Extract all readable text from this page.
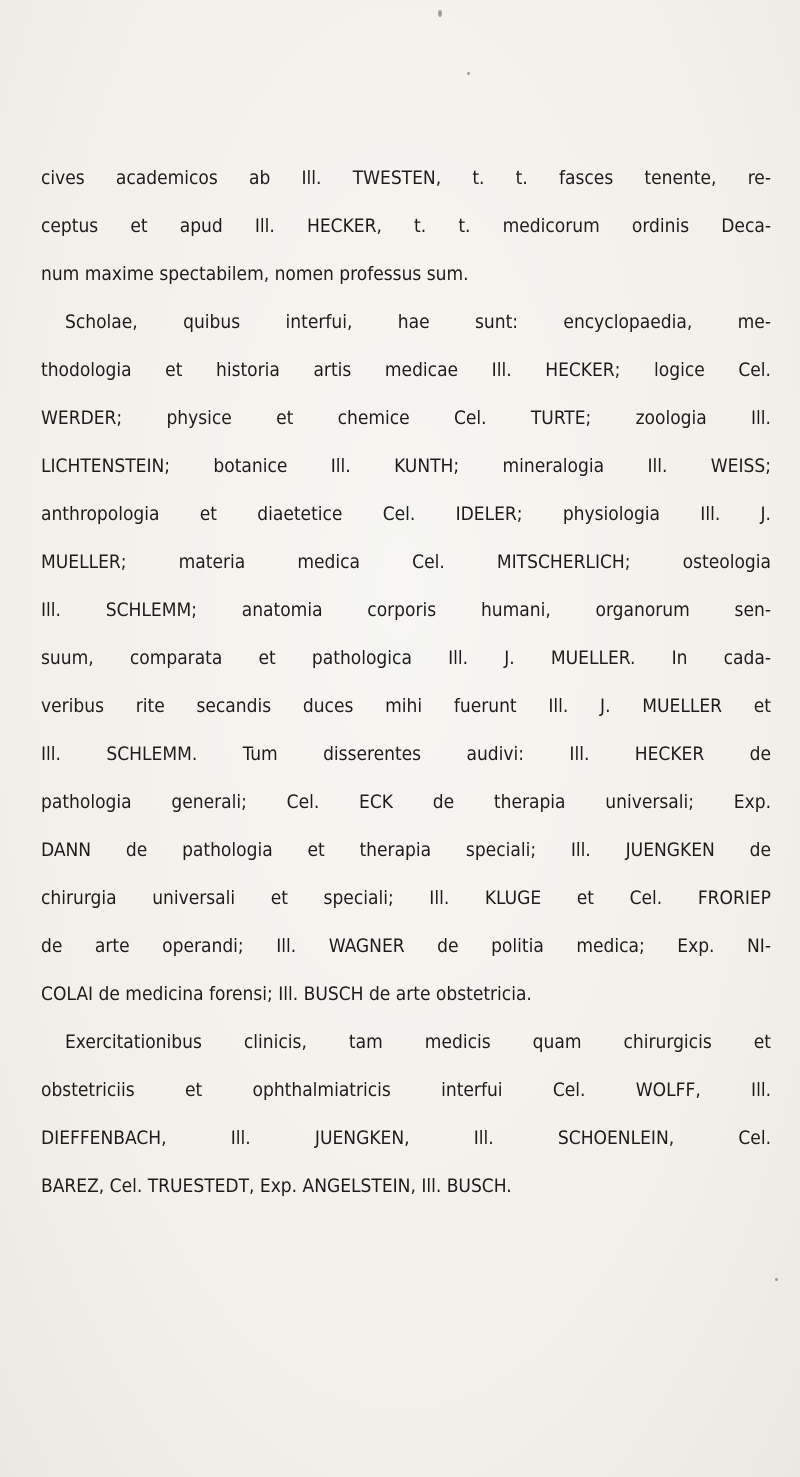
cives academicos ab Ill. TWESTEN, t. t. fasces tenente, re-
ceptus et apud Ill. HECKER, t. t. medicorum ordinis Deca-
num maxime spectabilem, nomen professus sum.
Scholae, quibus interfui, hae sunt: encyclopaedia, me-
thodologia et historia artis medicae Ill. HECKER; logice Cel.
WERDER; physice et chemice Cel. TURTE; zoologia Ill.
LICHTENSTEIN; botanice Ill. KUNTH; mineralogia Ill. WEISS;
anthropologia et diaetetice Cel. IDELER; physiologia Ill. J.
MUELLER; materia medica Cel. MITSCHERLICH; osteologia
Ill. SCHLEMM; anatomia corporis humani, organorum sen-
suum, comparata et pathologica Ill. J. MUELLER. In cada-
veribus rite secandis duces mihi fuerunt Ill. J. MUELLER et
Ill. SCHLEMM. Tum disserentes audivi: Ill. HECKER de
pathologia generali; Cel. ECK de therapia universali; Exp.
DANN de pathologia et therapia speciali; Ill. JUENGKEN de
chirurgia universali et speciali; Ill. KLUGE et Cel. FRORIEP
de arte operandi; Ill. WAGNER de politia medica; Exp. NI-
COLAI de medicina forensi; Ill. BUSCH de arte obstetricia.
Exercitationibus clinicis, tam medicis quam chirurgicis et
obstetriciis et ophthalmiatricis interfui Cel. WOLFF, Ill.
DIEFFENBACH, Ill. JUENGKEN, Ill. SCHOENLEIN, Cel.
BAREZ, Cel. TRUESTEDT, Exp. ANGELSTEIN, Ill. BUSCH.
